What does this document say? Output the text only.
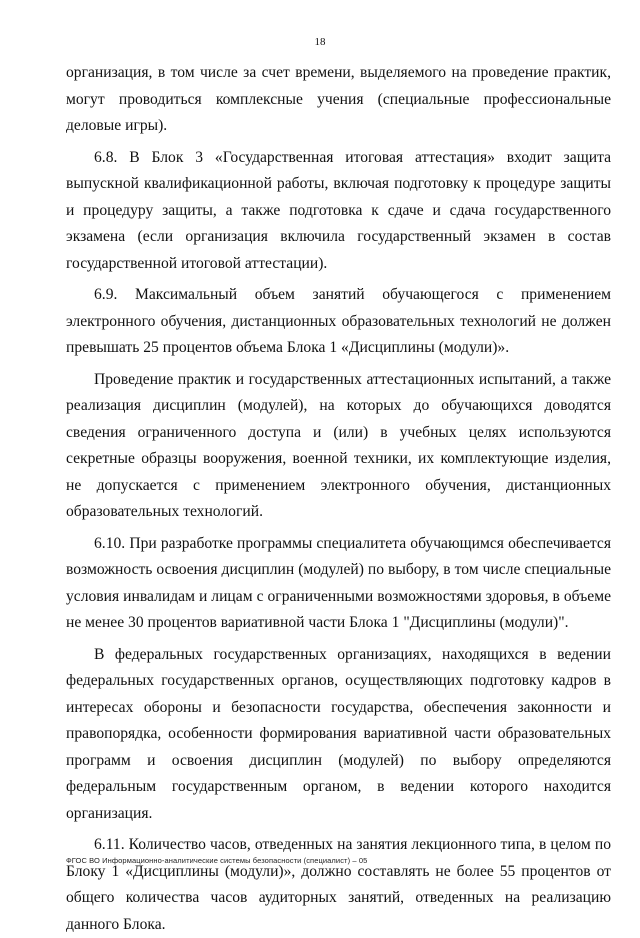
18

организация, в том числе за счет времени, выделяемого на проведение практик, могут проводиться комплексные учения (специальные профессиональные деловые игры).

6.8. В Блок 3 «Государственная итоговая аттестация» входит защита выпускной квалификационной работы, включая подготовку к процедуре защиты и процедуру защиты, а также подготовка к сдаче и сдача государственного экзамена (если организация включила государственный экзамен в состав государственной итоговой аттестации).

6.9. Максимальный объем занятий обучающегося с применением электронного обучения, дистанционных образовательных технологий не должен превышать 25 процентов объема Блока 1 «Дисциплины (модули)».

Проведение практик и государственных аттестационных испытаний, а также реализация дисциплин (модулей), на которых до обучающихся доводятся сведения ограниченного доступа и (или) в учебных целях используются секретные образцы вооружения, военной техники, их комплектующие изделия, не допускается с применением электронного обучения, дистанционных образовательных технологий.

6.10. При разработке программы специалитета обучающимся обеспечивается возможность освоения дисциплин (модулей) по выбору, в том числе специальные условия инвалидам и лицам с ограниченными возможностями здоровья, в объеме не менее 30 процентов вариативной части Блока 1 "Дисциплины (модули)".

В федеральных государственных организациях, находящихся в ведении федеральных государственных органов, осуществляющих подготовку кадров в интересах обороны и безопасности государства, обеспечения законности и правопорядка, особенности формирования вариативной части образовательных программ и освоения дисциплин (модулей) по выбору определяются федеральным государственным органом, в ведении которого находится организация.

6.11. Количество часов, отведенных на занятия лекционного типа, в целом по Блоку 1 «Дисциплины (модули)», должно составлять не более 55 процентов от общего количества часов аудиторных занятий, отведенных на реализацию данного Блока.

ФГОС ВО Информационно-аналитические системы безопасности (специалист) – 05
